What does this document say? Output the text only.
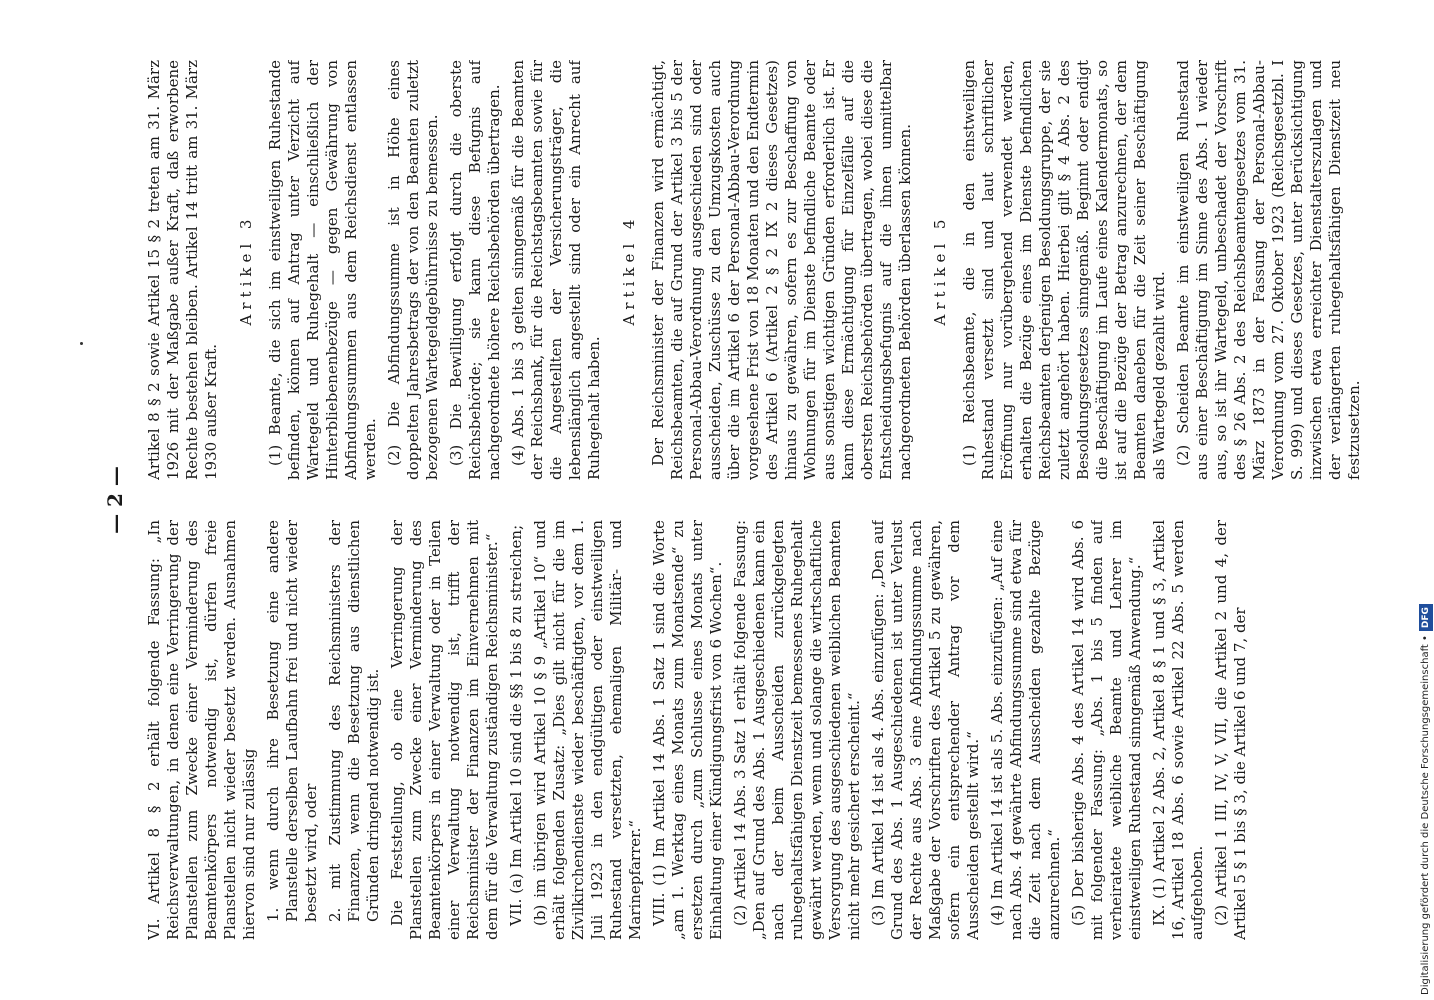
— 2 —

VI. Artikel 8 § 2 erhält folgende Fassung: „In Reichsverwaltungen, in denen eine Verringerung der Planstellen zum Zwecke einer Verminderung des Beamtenkörpers notwendig ist, dürfen freie Planstellen nicht wieder besetzt werden. Ausnahmen hiervon sind nur zulässig 1. wenn durch ihre Besetzung eine andere Planstelle derselben Laufbahn frei und nicht wieder besetzt wird, oder 2. mit Zustimmung des Reichsministers der Finanzen, wenn die Besetzung aus dienstlichen Gründen dringend notwendig ist. Die Feststellung, ob eine Verringerung der Planstellen zum Zwecke einer Verminderung des Beamtenkörpers in einer Verwaltung oder in Teilen einer Verwaltung notwendig ist, trifft der Reichsminister der Finanzen im Einvernehmen mit dem für die Verwaltung zuständigen Reichsminister.“ VII. (a) Im Artikel 10 sind die §§ 1 bis 8 zu streichen; (b) im übrigen wird Artikel 10 § 9 „Artikel 10“ und erhält folgenden Zusatz: „Dies gilt nicht für die im Zivilkirchendienste wieder beschäftigten, vor dem 1. Juli 1923 in den endgültigen oder einstweiligen Ruhestand versetzten, ehemaligen Militär- und Marinepfarrer.“ VIII. (1) Im Artikel 14 Abs. 1 Satz 1 sind die Worte „am 1. Werktag eines Monats zum Monatsende“ zu ersetzen durch „zum Schlusse eines Monats unter Einhaltung einer Kündigungsfrist von 6 Wochen“. (2) Artikel 14 Abs. 3 Satz 1 erhält folgende Fassung: „Den auf Grund des Abs. 1 Ausgeschiedenen kann ein nach der beim Ausscheiden zurückgelegten ruhegehaltsfähigen Dienstzeit bemessenes Ruhegehalt gewährt werden, wenn und solange die wirtschaftliche Versorgung des ausgeschiedenen weiblichen Beamten nicht mehr gesichert erscheint.“ (3) Im Artikel 14 ist als 4. Abs. einzufügen: „Den auf Grund des Abs. 1 Ausgeschiedenen ist unter Verlust der Rechte aus Abs. 3 eine Abfindungssumme nach Maßgabe der Vorschriften des Artikel 5 zu gewähren, sofern ein entsprechender Antrag vor dem Ausscheiden gestellt wird.“ (4) Im Artikel 14 ist als 5. Abs. einzufügen: „Auf eine nach Abs. 4 gewährte Abfindungssumme sind etwa für die Zeit nach dem Ausscheiden gezahlte Bezüge anzurechnen.“ (5) Der bisherige Abs. 4 des Artikel 14 wird Abs. 6 mit folgender Fassung: „Abs. 1 bis 5 finden auf verheiratete weibliche Beamte und Lehrer im einstweiligen Ruhestand sinngemäß Anwendung.“ IX. (1) Artikel 2 Abs. 2, Artikel 8 § 1 und § 3, Artikel 16, Artikel 18 Abs. 6 sowie Artikel 22 Abs. 5 werden aufgehoben. (2) Artikel 1 III, IV, V, VII, die Artikel 2 und 4, der Artikel 5 § 1 bis § 3, die Artikel 6 und 7, der

Artikel 8 § 2 sowie Artikel 15 § 2 treten am 31. März 1926 mit der Maßgabe außer Kraft, daß erworbene Rechte bestehen bleiben. Artikel 14 tritt am 31. März 1930 außer Kraft.

Artikel 3 (1) Beamte, die sich im einstweiligen Ruhestande befinden, können auf Antrag unter Verzicht auf Wartegeld und Ruhegehalt — einschließlich der Hinterbliebenenbezüge — gegen Gewährung von Abfindungssummen aus dem Reichsdienst entlassen werden. (2) Die Abfindungssumme ist in Höhe eines doppelten Jahresbetrags der von den Beamten zuletzt bezogenen Wartegeldgebührnisse zu bemessen. (3) Die Bewilligung erfolgt durch die oberste Reichsbehörde; sie kann diese Befugnis auf nachgeordnete höhere Reichsbehörden übertragen. (4) Abs. 1 bis 3 gelten sinngemäß für die Beamten der Reichsbank, für die Reichstagsbeamten sowie für die Angestellten der Versicherungsträger, die lebenslänglich angestellt sind oder ein Anrecht auf Ruhegehalt haben.

Artikel 4 Der Reichsminister der Finanzen wird ermächtigt, Reichsbeamten, die auf Grund der Artikel 3 bis 5 der Personal-Abbau-Verordnung ausgeschieden sind oder ausscheiden, Zuschüsse zu den Umzugskosten auch über die im Artikel 6 der Personal-Abbau-Verordnung vorgesehene Frist von 18 Monaten und den Endtermin des Artikel 6 (Artikel 2 § 2 IX 2 dieses Gesetzes) hinaus zu gewähren, sofern es zur Beschaffung von Wohnungen für im Dienste befindliche Beamte oder aus sonstigen wichtigen Gründen erforderlich ist. Er kann diese Ermächtigung für Einzelfälle auf die obersten Reichsbehörden übertragen, wobei diese die Entscheidungsbefugnis auf die ihnen unmittelbar nachgeordneten Behörden überlassen können. Artikel 5 (1) Reichsbeamte, die in den einstweiligen Ruhestand versetzt sind und laut schriftlicher Eröffnung nur vorübergehend verwendet werden, erhalten die Bezüge eines im Dienste befindlichen Reichsbeamten derjenigen Besoldungsgruppe, der sie zuletzt angehört haben. Hierbei gilt § 4 Abs. 2 des Besoldungsgesetzes sinngemäß. Beginnt oder endigt die Beschäftigung im Laufe eines Kalendermonats, so ist auf die Bezüge der Betrag anzurechnen, der dem Beamten daneben für die Zeit seiner Beschäftigung als Wartegeld gezahlt wird. (2) Scheiden Beamte im einstweiligen Ruhestand aus einer Beschäftigung im Sinne des Abs. 1 wieder aus, so ist ihr Wartegeld, unbeschadet der Vorschrift des § 26 Abs. 2 des Reichsbeamtengesetzes vom 31. März 1873 in der Fassung der Personal-Abbau-Verordnung vom 27. Oktober 1923 (Reichsgesetzbl. I S. 999) und dieses Gesetzes, unter Berücksichtigung inzwischen etwa erreichter Dienstalterszulagen und der verlängerten ruhegehaltsfähigen Dienstzeit neu festzusetzen.

Digitalisierung gefördert durch die Deutsche Forschungsgemeinschaft •DFG
